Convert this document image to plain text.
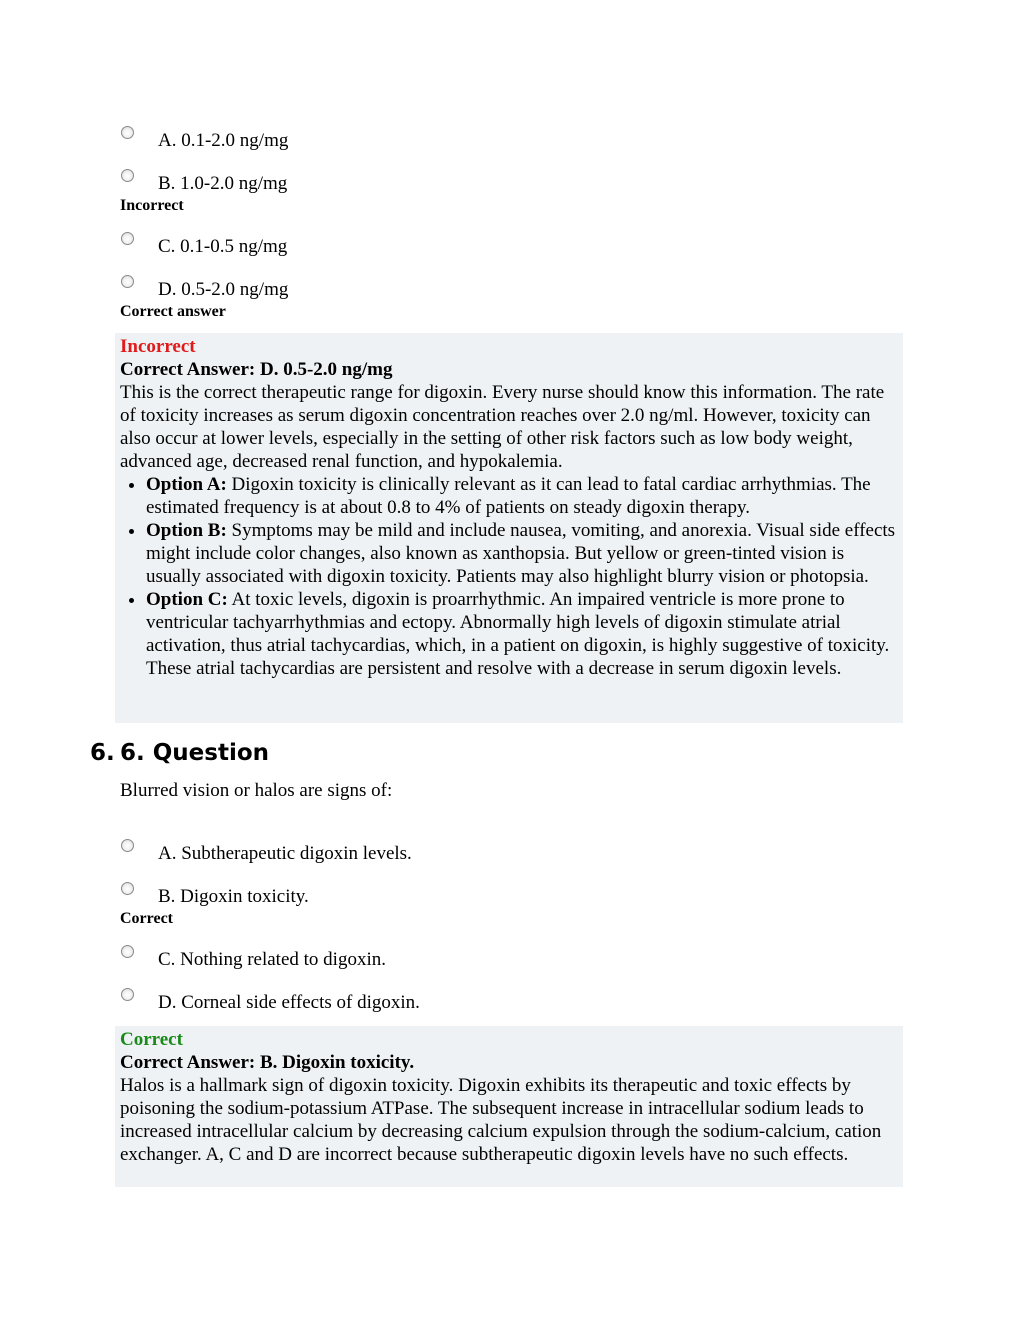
A. 0.1-2.0 ng/mg
B. 1.0-2.0 ng/mg
Incorrect
C. 0.1-0.5 ng/mg
D. 0.5-2.0 ng/mg
Correct answer

Incorrect

Correct Answer: D. 0.5-2.0 ng/mg

This is the correct therapeutic range for digoxin. Every nurse should know this information. The rate of toxicity increases as serum digoxin concentration reaches over 2.0 ng/ml. However, toxicity can also occur at lower levels, especially in the setting of other risk factors such as low body weight, advanced age, decreased renal function, and hypokalemia.

• Option A: Digoxin toxicity is clinically relevant as it can lead to fatal cardiac arrhythmias. The estimated frequency is at about 0.8 to 4% of patients on steady digoxin therapy.
• Option B: Symptoms may be mild and include nausea, vomiting, and anorexia. Visual side effects might include color changes, also known as xanthopsia. But yellow or green-tinted vision is usually associated with digoxin toxicity. Patients may also highlight blurry vision or photopsia.
• Option C: At toxic levels, digoxin is proarrhythmic. An impaired ventricle is more prone to ventricular tachyarrhythmias and ectopy. Abnormally high levels of digoxin stimulate atrial activation, thus atrial tachycardias, which, in a patient on digoxin, is highly suggestive of toxicity. These atrial tachycardias are persistent and resolve with a decrease in serum digoxin levels.
6. 6. Question
Blurred vision or halos are signs of:
A. Subtherapeutic digoxin levels.
B. Digoxin toxicity.
Correct
C. Nothing related to digoxin.
D. Corneal side effects of digoxin.

Correct

Correct Answer: B. Digoxin toxicity.

Halos is a hallmark sign of digoxin toxicity. Digoxin exhibits its therapeutic and toxic effects by poisoning the sodium-potassium ATPase. The subsequent increase in intracellular sodium leads to increased intracellular calcium by decreasing calcium expulsion through the sodium-calcium, cation exchanger. A, C and D are incorrect because subtherapeutic digoxin levels have no such effects.
